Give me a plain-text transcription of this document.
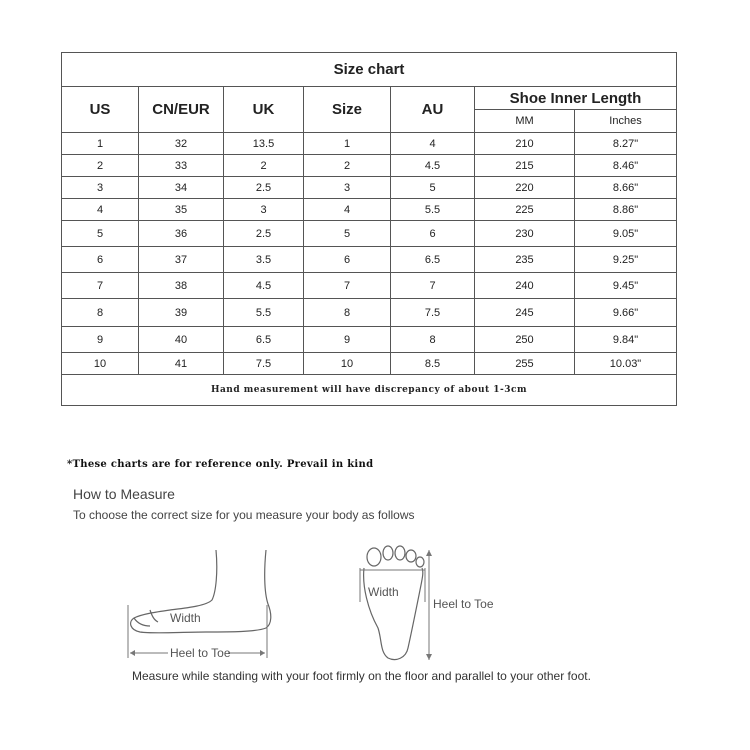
Size chart						
US	CN/EUR	UK	Size	AU	Shoe Inner Length	
					MM	Inches
1	32	13.5	1	4	210	8.27"
2	33	2	2	4.5	215	8.46"
3	34	2.5	3	5	220	8.66"
4	35	3	4	5.5	225	8.86"
5	36	2.5	5	6	230	9.05"
6	37	3.5	6	6.5	235	9.25"
7	38	4.5	7	7	240	9.45"
8	39	5.5	8	7.5	245	9.66"
9	40	6.5	9	8	250	9.84"
10	41	7.5	10	8.5	255	10.03"
Hand measurement will have discrepancy of about 1-3cm						
*These charts are for reference only. Prevail in kind
How to Measure
To choose the correct size for you measure your body as follows
Heel to Toe
Width
Width
Heel to Toe
Measure while standing with your foot firmly on the floor and parallel to your other foot.
